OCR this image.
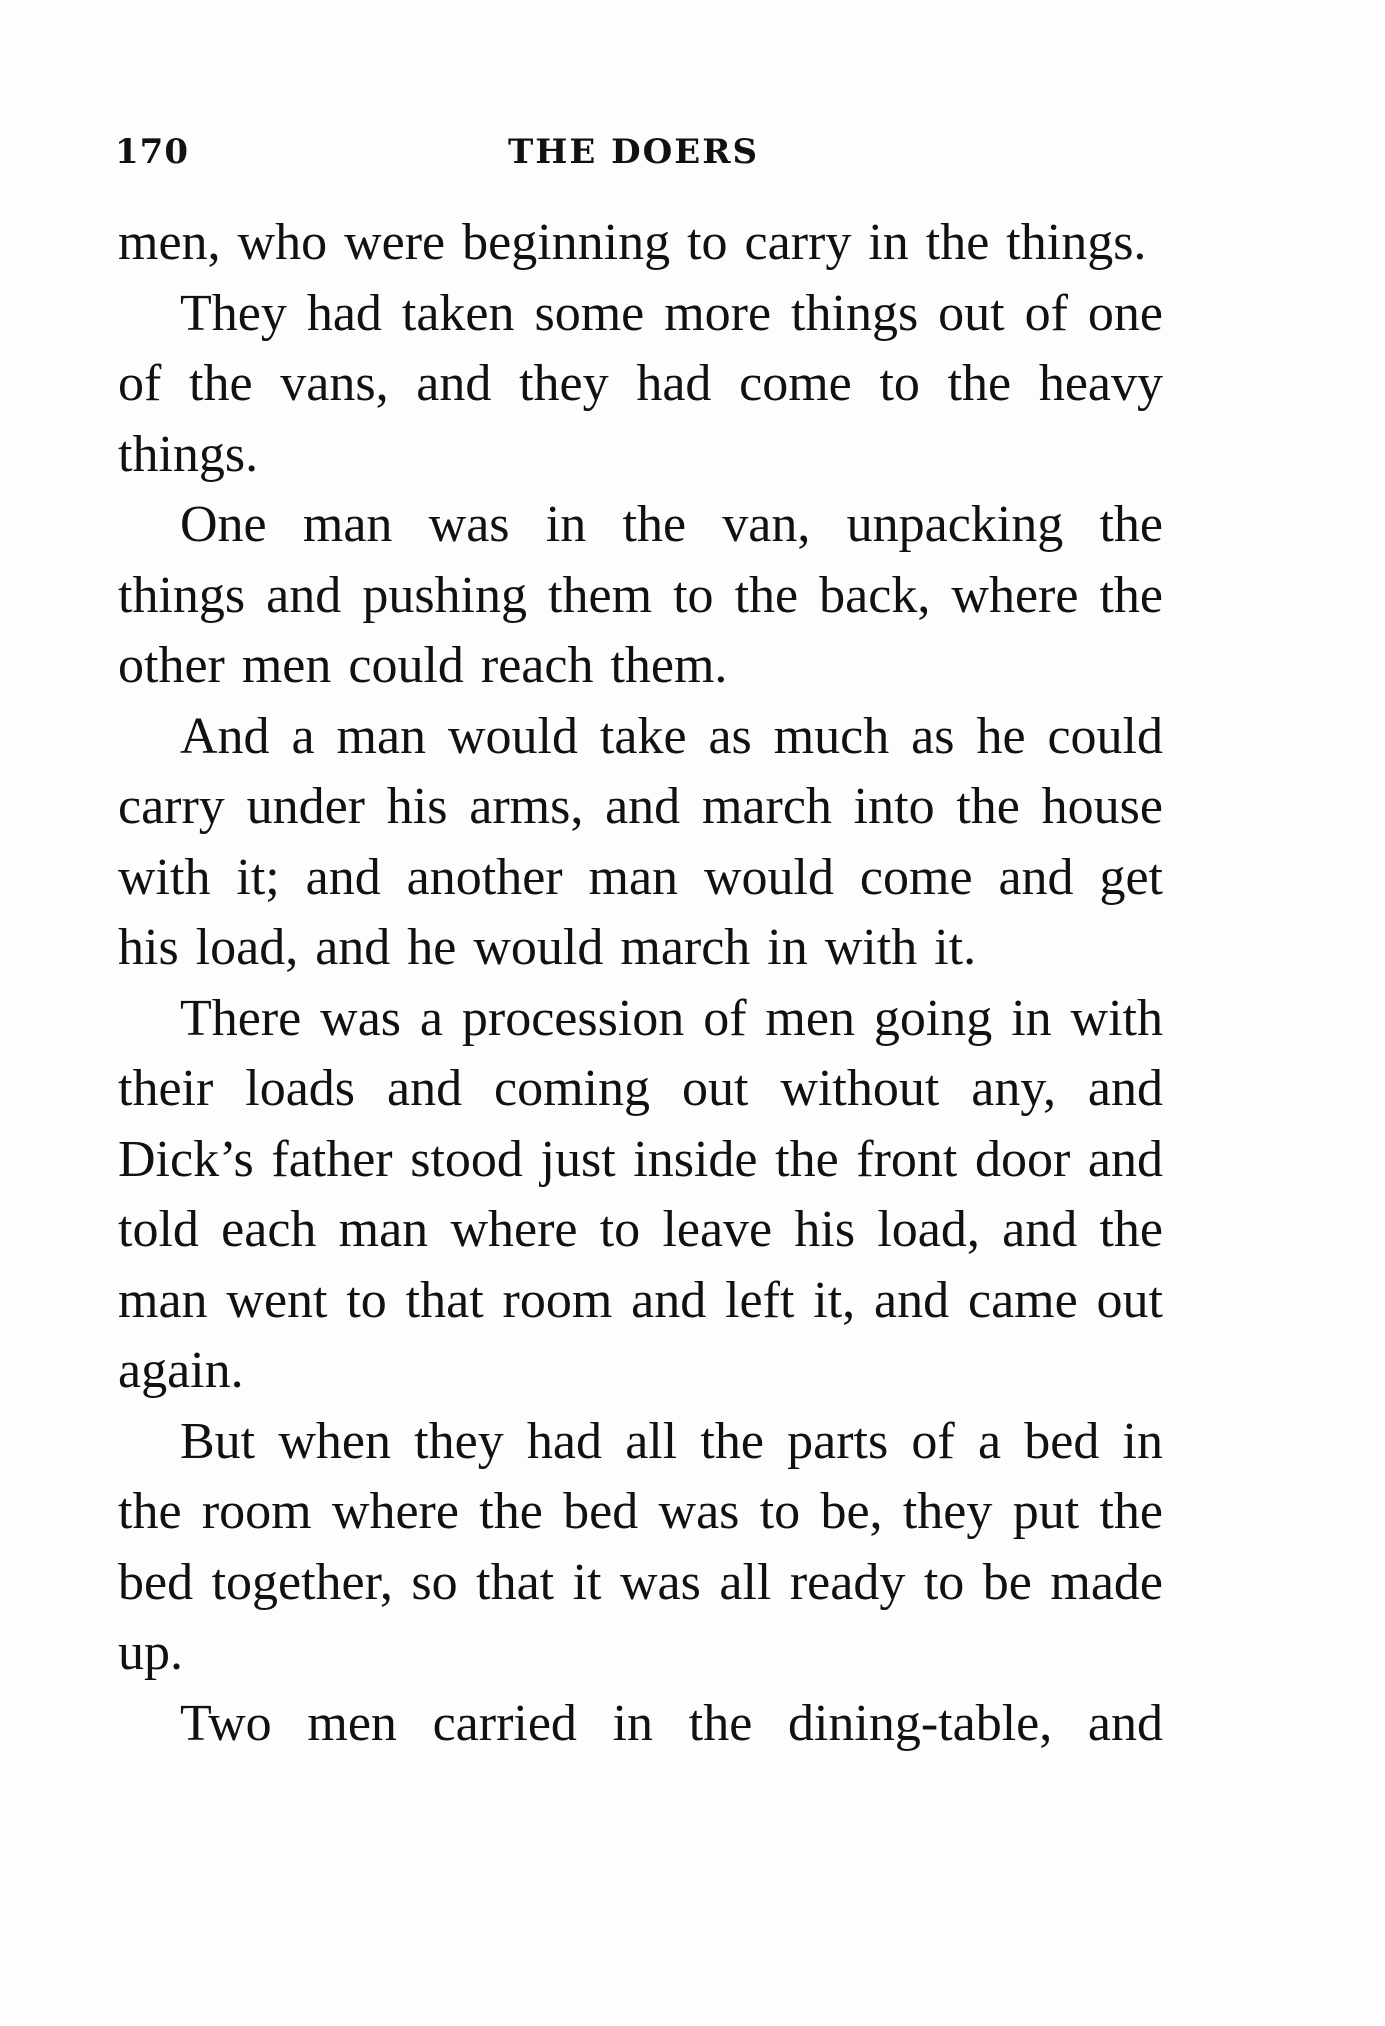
170	THE DOERS

men, who were beginning to carry in the things.

They had taken some more things out of one of the vans, and they had come to the heavy things.

One man was in the van, unpacking the things and pushing them to the back, where the other men could reach them.

And a man would take as much as he could carry under his arms, and march into the house with it; and another man would come and get his load, and he would march in with it.

There was a procession of men going in with their loads and coming out without any, and Dick’s father stood just inside the front door and told each man where to leave his load, and the man went to that room and left it, and came out again.

But when they had all the parts of a bed in the room where the bed was to be, they put the bed together, so that it was all ready to be made up.

Two men carried in the dining-table, and
